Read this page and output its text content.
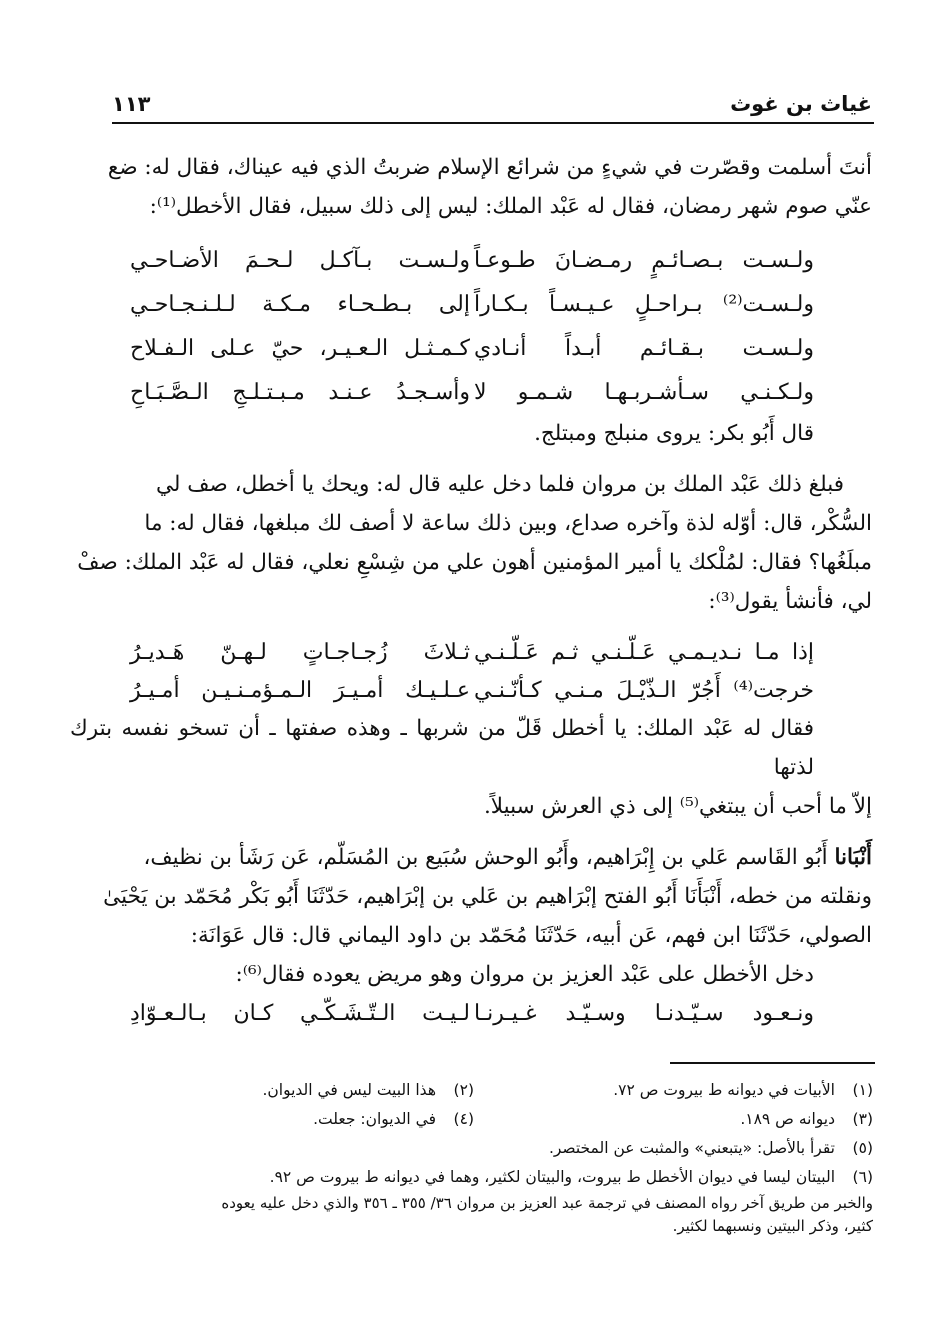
غياث بن غوث
١١٣

أنتَ أسلمت وقصّرت في شيءٍ من شرائع الإسلام ضربتُ الذي فيه عيناك، فقال له: ضع

عنّي صوم شهر رمضان، فقال له عَبْد الملك: ليس إلى ذلك سبيل، فقال الأخطل⁽¹⁾:

ولـسـت بـصـائـمٍ رمـضـانَ طـوعـاً
ولـسـت بـآكـل لـحـمَ الأضـاحـي
ولـسـت⁽²⁾ بـراحـلٍ عـيـسـاً بـكـاراً
إلى بـطـحـاء مـكـة لـلـنـجـاحـي
ولـسـت بـقـائـم أبـداً أنـادي
كـمـثـل الـعـيـر، حيّ عـلى الـفـلاح
ولـكـنـي سـأشـربـهـا شـمـو لا
وأسـجـدُ عـنـد مـبـتـلـجِ الـصَّـبَـاحِ

قال أَبُو بكر: يروى منبلج ومبتلج.

فبلغ ذلك عَبْد الملك بن مروان فلما دخل عليه قال له: ويحك يا أخطل، صف لي

السُّكْر، قال: أوّله لذة وآخره صداع، وبين ذلك ساعة لا أصف لك مبلغها، فقال له: ما

مبلَغُها؟ فقال: لمُلْكك يا أمير المؤمنين أهون علي من شِسْعِ نعلي، فقال له عَبْد الملك: صفْ

لي، فأنشأ يقول⁽³⁾:

إذا مـا نـديـمـي عَـلّـنـي ثـم عَـلّـنـي
ثـلاثَ زُجـاجـاتٍ لـهـنّ هَـديـرُ
خرجت⁽⁴⁾ أَجُرّ الـذّيْـلَ مـنـي كـأنّـنـي
عـلـيـك أمـيـرَ الـمـؤمـنـيـن أمـيـرُ

فقال له عَبْد الملك: يا أخطل قَلّ من شربها ـ وهذه صفتها ـ أن تسخو نفسه بترك لذتها

إلاّ ما أحب أن يبتغي⁽⁵⁾ إلى ذي العرش سبيلاً.

أَنْبَانا أَبُو القَاسم عَلي بن إِبْرَاهيم، وأَبُو الوحش سُبَيع بن المُسَلّم، عَن رَشَأ بن نظيف،

ونقلته من خطه، أَنْبَأَنَا أَبُو الفتح إبْرَاهيم بن عَلي بن إبْرَاهيم، حَدّثَنَا أَبُو بَكْر مُحَمّد بن يَحْيَىٰ

الصولي، حَدّثَنَا ابن فهم، عَن أبيه، حَدّثَنَا مُحَمّد بن داود اليماني قال: قال عَوَانَة:

دخل الأخطل على عَبْد العزيز بن مروان وهو مريض يعوده فقال⁽⁶⁾:

ونـعـود سـيّـدنـا وسـيّـد غـيـرنـا
لـيـت الـتّـشَـكّـي كـان بـالـعـوّادِ
(١)الأبيات في ديوانه ط بيروت ص ٧٢.
(٢)هذا البيت ليس في الديوان.
(٣)ديوانه ص ١٨٩.
(٤)في الديوان: جعلت.
(٥)تقرأ بالأصل: «يتبعني» والمثبت عن المختصر.
(٦)البيتان ليسا في ديوان الأخطل ط بيروت، والبيتان لكثير، وهما في ديوانه ط بيروت ص ٩٢.
والخبر من طريق آخر رواه المصنف في ترجمة عبد العزيز بن مروان ٣٦/ ٣٥٥ ـ ٣٥٦ والذي دخل عليه يعوده
كثير، وذكر البيتين ونسبهما لكثير.
